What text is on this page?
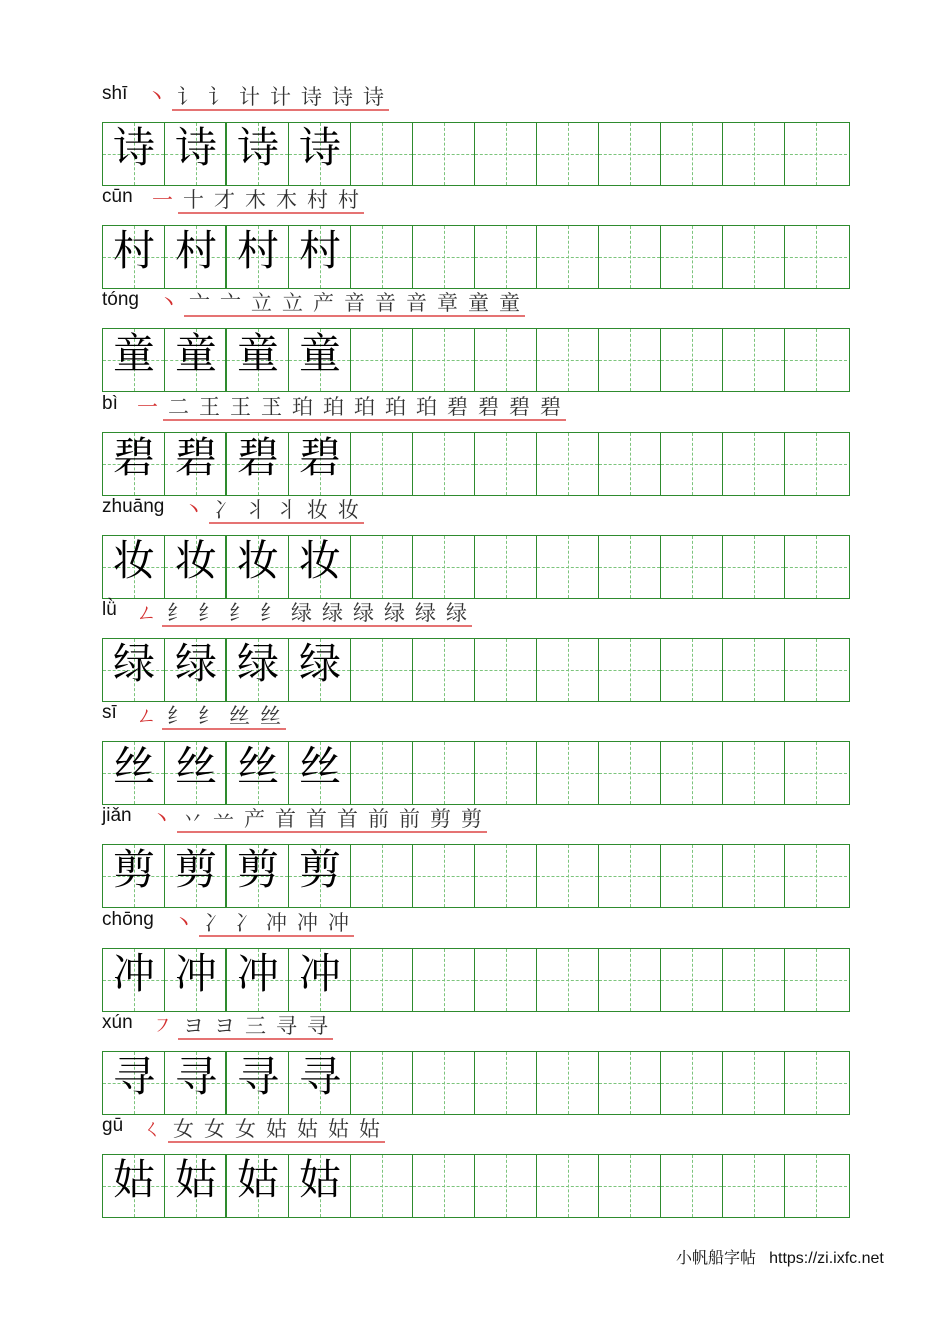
shī 丶 讠 讠 计 计 诗 诗 诗
诗 诗 诗 诗
cūn 一 十 才 木 木 村 村
村 村 村 村
tóng 丶 亠 亠 立 立 产 音 音 音 章 童 童
童 童 童 童
bì 一 二 王 王 玊 珀 珀 珀 珀 珀 碧 碧 碧 碧
碧 碧 碧 碧
zhuāng 丶 冫 丬 丬 妆 妆
妆 妆 妆 妆
lǜ ㄥ 纟 纟 纟 纟 绿 绿 绿 绿 绿 绿
绿 绿 绿 绿
sī ㄥ 纟 纟 丝 丝
丝 丝 丝 丝
jiǎn 丶 丷 䒑 产 首 首 首 前 前 剪 剪
剪 剪 剪 剪
chōng 丶 冫 冫 冲 冲 冲
冲 冲 冲 冲
xún ㇇ ヨ ヨ 三 寻 寻
寻 寻 寻 寻
gū ㄑ 女 女 女 姑 姑 姑 姑
姑 姑 姑 姑
小帆船字帖 https://zi.ixfc.net
